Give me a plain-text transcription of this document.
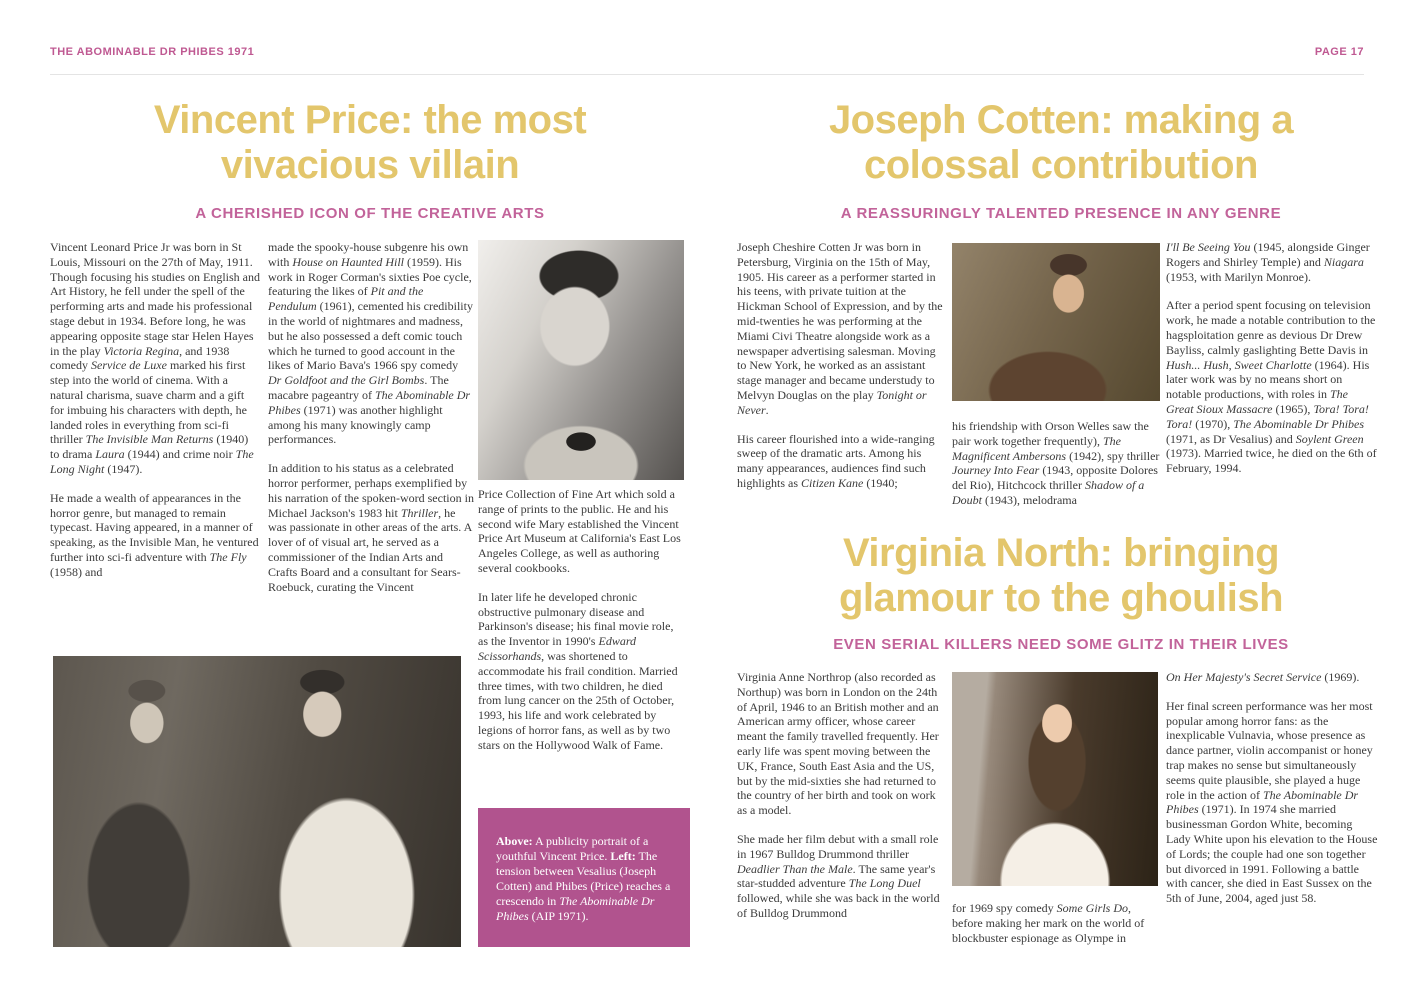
THE ABOMINABLE DR PHIBES 1971	PAGE 17
Vincent Price: the most
vivacious villain
A CHERISHED ICON OF THE CREATIVE ARTS

Vincent Leonard Price Jr was born in St Louis, Missouri on the 27th of May, 1911. Though focusing his studies on English and Art History, he fell under the spell of the performing arts and made his professional stage debut in 1934. Before long, he was appearing opposite stage star Helen Hayes in the play Victoria Regina, and 1938 comedy Service de Luxe marked his first step into the world of cinema. With a natural charisma, suave charm and a gift for imbuing his characters with depth, he landed roles in everything from sci-fi thriller The Invisible Man Returns (1940) to drama Laura (1944) and crime noir The Long Night (1947).

He made a wealth of appearances in the horror genre, but managed to remain typecast. Having appeared, in a manner of speaking, as the Invisible Man, he ventured further into sci-fi adventure with The Fly (1958) and

made the spooky-house subgenre his own with House on Haunted Hill (1959). His work in Roger Corman's sixties Poe cycle, featuring the likes of Pit and the Pendulum (1961), cemented his credibility in the world of nightmares and madness, but he also possessed a deft comic touch which he turned to good account in the likes of Mario Bava's 1966 spy comedy Dr Goldfoot and the Girl Bombs. The macabre pageantry of The Abominable Dr Phibes (1971) was another highlight among his many knowingly camp performances.

In addition to his status as a celebrated horror performer, perhaps exemplified by his narration of the spoken-word section in Michael Jackson's 1983 hit Thriller, he was passionate in other areas of the arts. A lover of of visual art, he served as a commissioner of the Indian Arts and Crafts Board and a consultant for Sears-Roebuck, curating the Vincent

Price Collection of Fine Art which sold a range of prints to the public. He and his second wife Mary established the Vincent Price Art Museum at California's East Los Angeles College, as well as authoring several cookbooks.

In later life he developed chronic obstructive pulmonary disease and Parkinson's disease; his final movie role, as the Inventor in 1990's Edward Scissorhands, was shortened to accommodate his frail condition. Married three times, with two children, he died from lung cancer on the 25th of October, 1993, his life and work celebrated by legions of horror fans, as well as by two stars on the Hollywood Walk of Fame.

Above: A publicity portrait of a youthful Vincent Price. Left: The tension between Vesalius (Joseph Cotten) and Phibes (Price) reaches a crescendo in The Abominable Dr Phibes (AIP 1971).

Joseph Cotten: making a
colossal contribution
A REASSURINGLY TALENTED PRESENCE IN ANY GENRE

Joseph Cheshire Cotten Jr was born in Petersburg, Virginia on the 15th of May, 1905. His career as a performer started in his teens, with private tuition at the Hickman School of Expression, and by the mid-twenties he was performing at the Miami Civi Theatre alongside work as a newspaper advertising salesman. Moving to New York, he worked as an assistant stage manager and became understudy to Melvyn Douglas on the play Tonight or Never.

His career flourished into a wide-ranging sweep of the dramatic arts. Among his many appearances, audiences find such highlights as Citizen Kane (1940;

his friendship with Orson Welles saw the pair work together frequently), The Magnificent Ambersons (1942), spy thriller Journey Into Fear (1943, opposite Dolores del Rio), Hitchcock thriller Shadow of a Doubt (1943), melodrama

I'll Be Seeing You (1945, alongside Ginger Rogers and Shirley Temple) and Niagara (1953, with Marilyn Monroe).

After a period spent focusing on television work, he made a notable contribution to the hagsploitation genre as devious Dr Drew Bayliss, calmly gaslighting Bette Davis in Hush... Hush, Sweet Charlotte (1964). His later work was by no means short on notable productions, with roles in The Great Sioux Massacre (1965), Tora! Tora! Tora! (1970), The Abominable Dr Phibes (1971, as Dr Vesalius) and Soylent Green (1973). Married twice, he died on the 6th of February, 1994.

Virginia North: bringing
glamour to the ghoulish
EVEN SERIAL KILLERS NEED SOME GLITZ IN THEIR LIVES

Virginia Anne Northrop (also recorded as Northup) was born in London on the 24th of April, 1946 to an British mother and an American army officer, whose career meant the family travelled frequently. Her early life was spent moving between the UK, France, South East Asia and the US, but by the mid-sixties she had returned to the country of her birth and took on work as a model.

She made her film debut with a small role in 1967 Bulldog Drummond thriller Deadlier Than the Male. The same year's star-studded adventure The Long Duel followed, while she was back in the world of Bulldog Drummond	for 1969 spy comedy Some Girls Do, before making her mark on the world of blockbuster espionage as Olympe in

On Her Majesty's Secret Service (1969).

Her final screen performance was her most popular among horror fans: as the inexplicable Vulnavia, whose presence as dance partner, violin accompanist or honey trap makes no sense but simultaneously seems quite plausible, she played a huge role in the action of The Abominable Dr Phibes (1971). In 1974 she married businessman Gordon White, becoming Lady White upon his elevation to the House of Lords; the couple had one son together but divorced in 1991. Following a battle with cancer, she died in East Sussex on the 5th of June, 2004, aged just 58.
